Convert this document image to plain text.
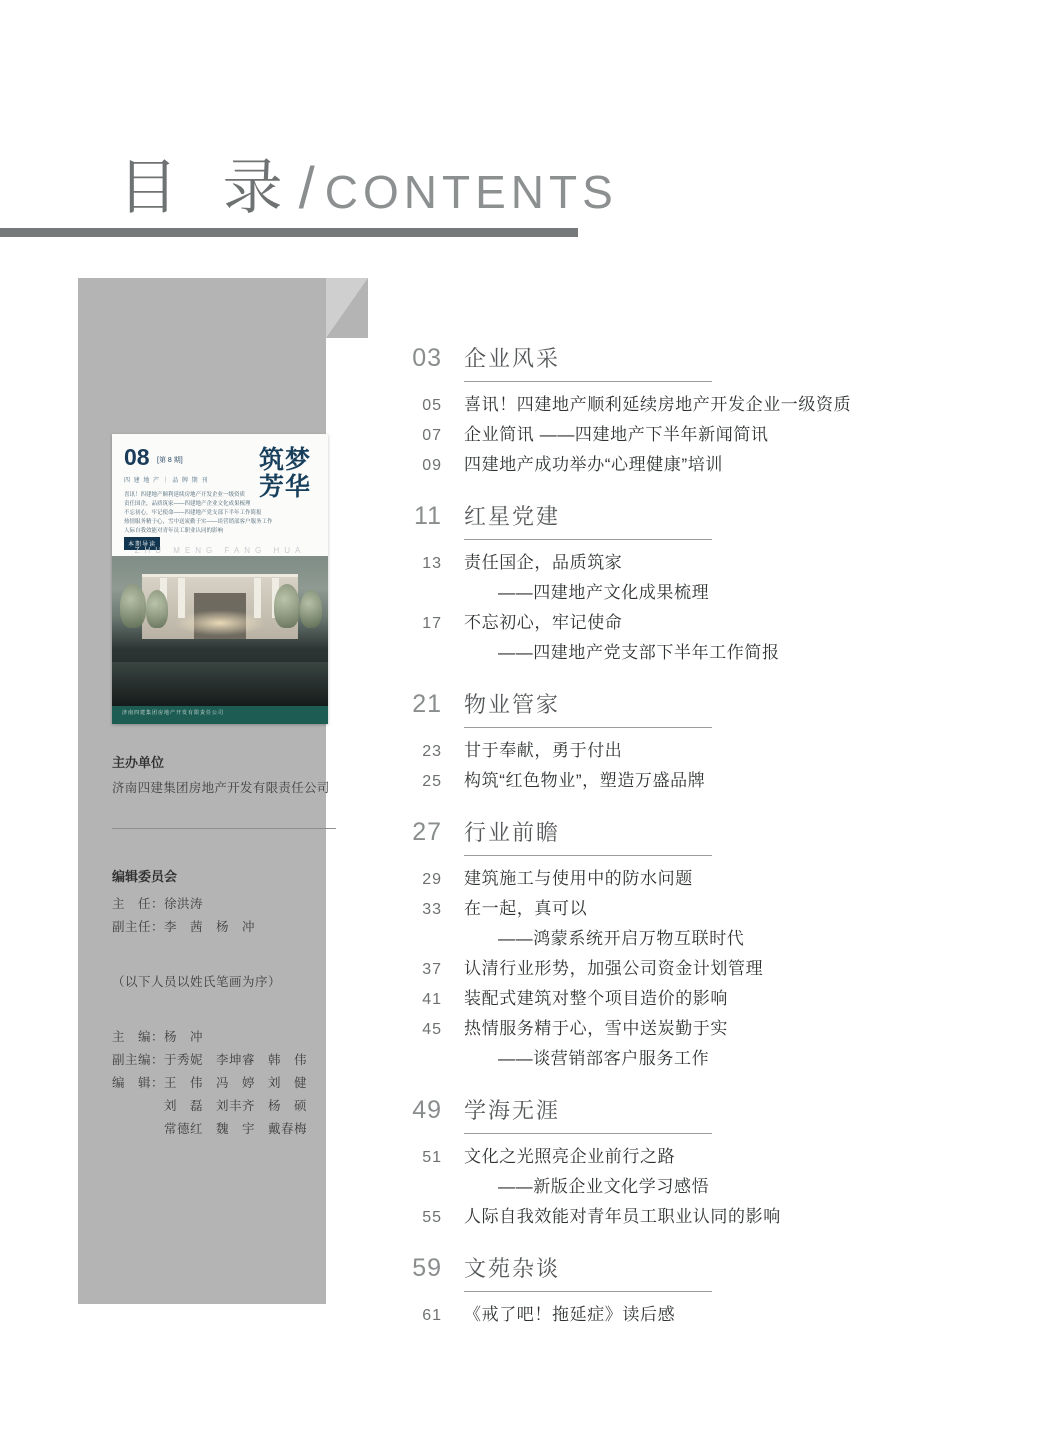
目 录 / CONTENTS
08 [第 8 期]
四 建 地 产 ｜ 品 牌 期 刊
喜讯！四建地产顺利延续房地产开发企业一级资质
责任国企，品质筑家——四建地产企业文化成果梳理
不忘初心，牢记使命——四建地产党支部下半年工作简报
热情服务精于心，雪中送炭勤于实——谈营销部客户服务工作
人际自我效能对青年员工职业认同的影响
本期导读
筑梦芳华
ZHU MENG FANG HUA
济南四建集团房地产开发有限责任公司
主办单位
济南四建集团房地产开发有限责任公司
编辑委员会
主　任：徐洪涛
副主任：李　茜　杨　冲
（以下人员以姓氏笔画为序）
主　编：杨　冲
副主编：于秀妮　李坤睿　韩　伟
编　辑：王　伟　冯　婷　刘　健
　　　　刘　磊　刘丰齐　杨　硕
　　　　常德红　魏　宇　戴春梅
03 企业风采
05 喜讯！四建地产顺利延续房地产开发企业一级资质
07 企业简讯 ——四建地产下半年新闻简讯
09 四建地产成功举办“心理健康”培训
11 红星党建
13 责任国企，品质筑家
——四建地产文化成果梳理
17 不忘初心，牢记使命
——四建地产党支部下半年工作简报
21 物业管家
23 甘于奉献，勇于付出
25 构筑“红色物业”，塑造万盛品牌
27 行业前瞻
29 建筑施工与使用中的防水问题
33 在一起，真可以
——鸿蒙系统开启万物互联时代
37 认清行业形势，加强公司资金计划管理
41 装配式建筑对整个项目造价的影响
45 热情服务精于心，雪中送炭勤于实
——谈营销部客户服务工作
49 学海无涯
51 文化之光照亮企业前行之路
——新版企业文化学习感悟
55 人际自我效能对青年员工职业认同的影响
59 文苑杂谈
61 《戒了吧！拖延症》读后感
